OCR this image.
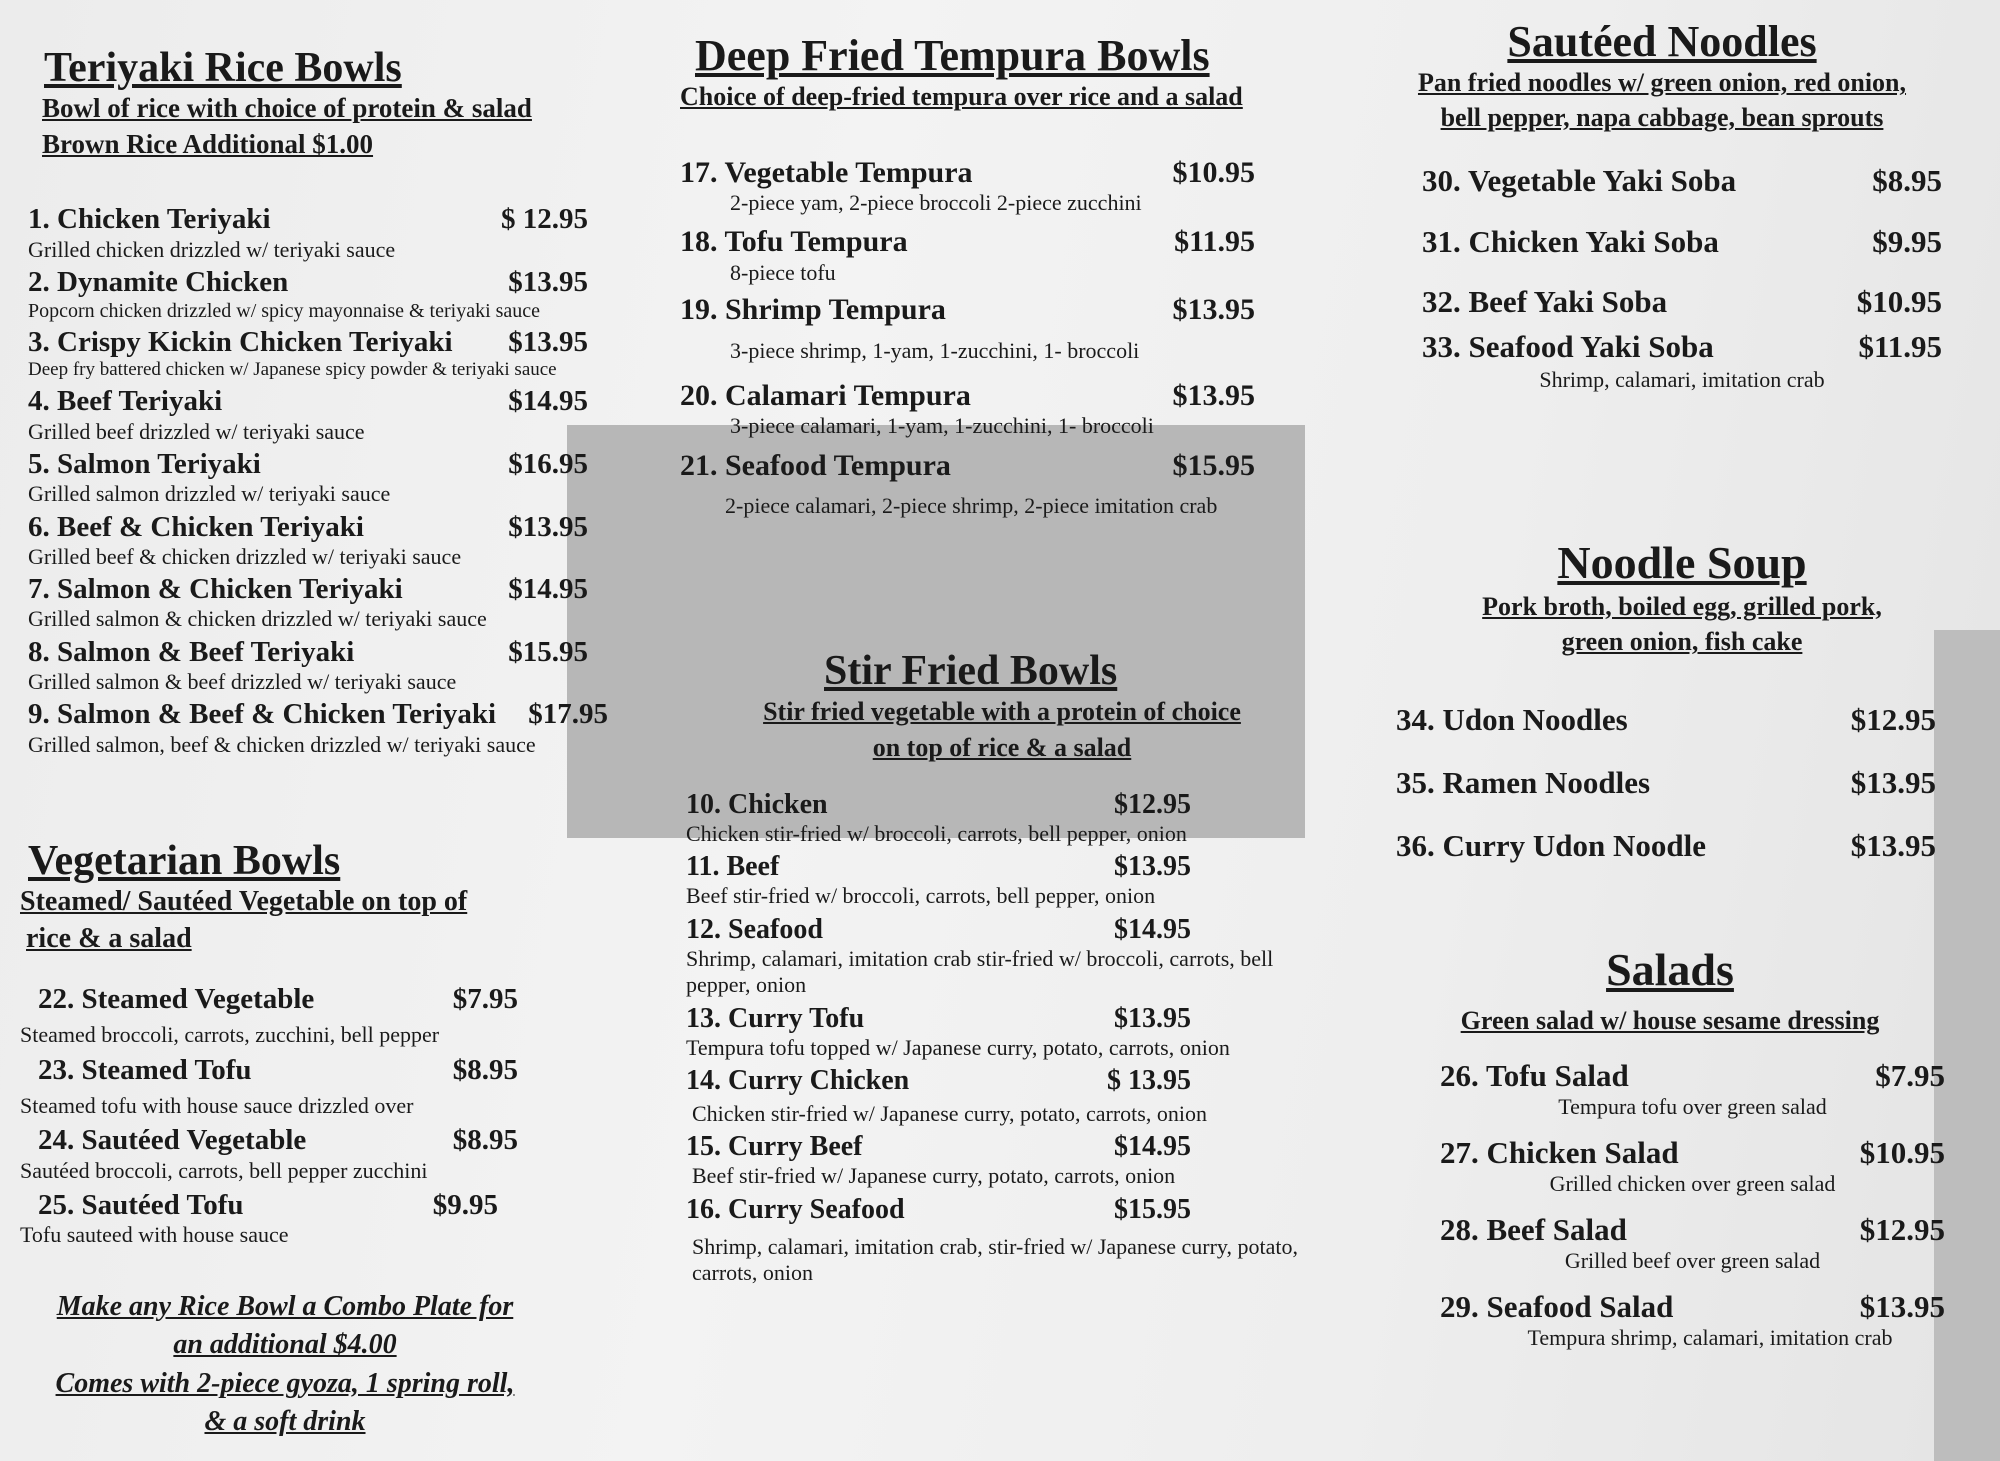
Teriyaki Rice Bowls
Bowl of rice with choice of protein & salad
Brown Rice Additional $1.00
1. Chicken Teriyaki	$ 12.95
Grilled chicken drizzled w/ teriyaki sauce
2. Dynamite Chicken	$13.95
Popcorn chicken drizzled w/ spicy mayonnaise & teriyaki sauce
3. Crispy Kickin Chicken Teriyaki $13.95
Deep fry battered chicken w/ Japanese spicy powder & teriyaki sauce
4. Beef Teriyaki	$14.95
Grilled beef drizzled w/ teriyaki sauce
5. Salmon Teriyaki	$16.95
Grilled salmon drizzled w/ teriyaki sauce
6. Beef & Chicken Teriyaki	$13.95
Grilled beef & chicken drizzled w/ teriyaki sauce
7. Salmon & Chicken Teriyaki	$14.95
Grilled salmon & chicken drizzled w/ teriyaki sauce
8. Salmon & Beef Teriyaki	$15.95
Grilled salmon & beef drizzled w/ teriyaki sauce
9. Salmon & Beef & Chicken Teriyaki $17.95
Grilled salmon, beef & chicken drizzled w/ teriyaki sauce
Vegetarian Bowls
Steamed/ Sautéed Vegetable on top of
rice & a salad
22. Steamed Vegetable	$7.95
Steamed broccoli, carrots, zucchini, bell pepper
23. Steamed Tofu	$8.95
Steamed tofu with house sauce drizzled over
24. Sautéed Vegetable	$8.95
Sautéed broccoli, carrots, bell pepper zucchini
25. Sautéed Tofu	$9.95
Tofu sauteed with house sauce
Make any Rice Bowl a Combo Plate for
an additional $4.00
Comes with 2-piece gyoza, 1 spring roll,
& a soft drink
Deep Fried Tempura Bowls
Choice of deep-fried tempura over rice and a salad
17. Vegetable Tempura	$10.95
2-piece yam, 2-piece broccoli 2-piece zucchini
18. Tofu Tempura	$11.95
8-piece tofu
19. Shrimp Tempura	$13.95
3-piece shrimp, 1-yam, 1-zucchini, 1- broccoli
20. Calamari Tempura	$13.95
3-piece calamari, 1-yam, 1-zucchini, 1- broccoli
21. Seafood Tempura	$15.95
2-piece calamari, 2-piece shrimp, 2-piece imitation crab
Stir Fried Bowls
Stir fried vegetable with a protein of choice
on top of rice & a salad
10. Chicken	$12.95
Chicken stir-fried w/ broccoli, carrots, bell pepper, onion
11. Beef	$13.95
Beef stir-fried w/ broccoli, carrots, bell pepper, onion
12. Seafood	$14.95
Shrimp, calamari, imitation crab stir-fried w/ broccoli, carrots, bell pepper, onion
13. Curry Tofu	$13.95
Tempura tofu topped w/ Japanese curry, potato, carrots, onion
14. Curry Chicken	$ 13.95
Chicken stir-fried w/ Japanese curry, potato, carrots, onion
15. Curry Beef	$14.95
Beef stir-fried w/ Japanese curry, potato, carrots, onion
16. Curry Seafood	$15.95
Shrimp, calamari, imitation crab, stir-fried w/ Japanese curry, potato, carrots, onion
Sautéed Noodles
Pan fried noodles w/ green onion, red onion,
bell pepper, napa cabbage, bean sprouts
30. Vegetable Yaki Soba	$8.95
31. Chicken Yaki Soba	$9.95
32. Beef Yaki Soba	$10.95
33. Seafood Yaki Soba	$11.95
Shrimp, calamari, imitation crab
Noodle Soup
Pork broth, boiled egg, grilled pork,
green onion, fish cake
34. Udon Noodles	$12.95
35. Ramen Noodles	$13.95
36. Curry Udon Noodle	$13.95
Salads
Green salad w/ house sesame dressing
26. Tofu Salad	$7.95
Tempura tofu over green salad
27. Chicken Salad	$10.95
Grilled chicken over green salad
28. Beef Salad	$12.95
Grilled beef over green salad
29. Seafood Salad	$13.95
Tempura shrimp, calamari, imitation crab
